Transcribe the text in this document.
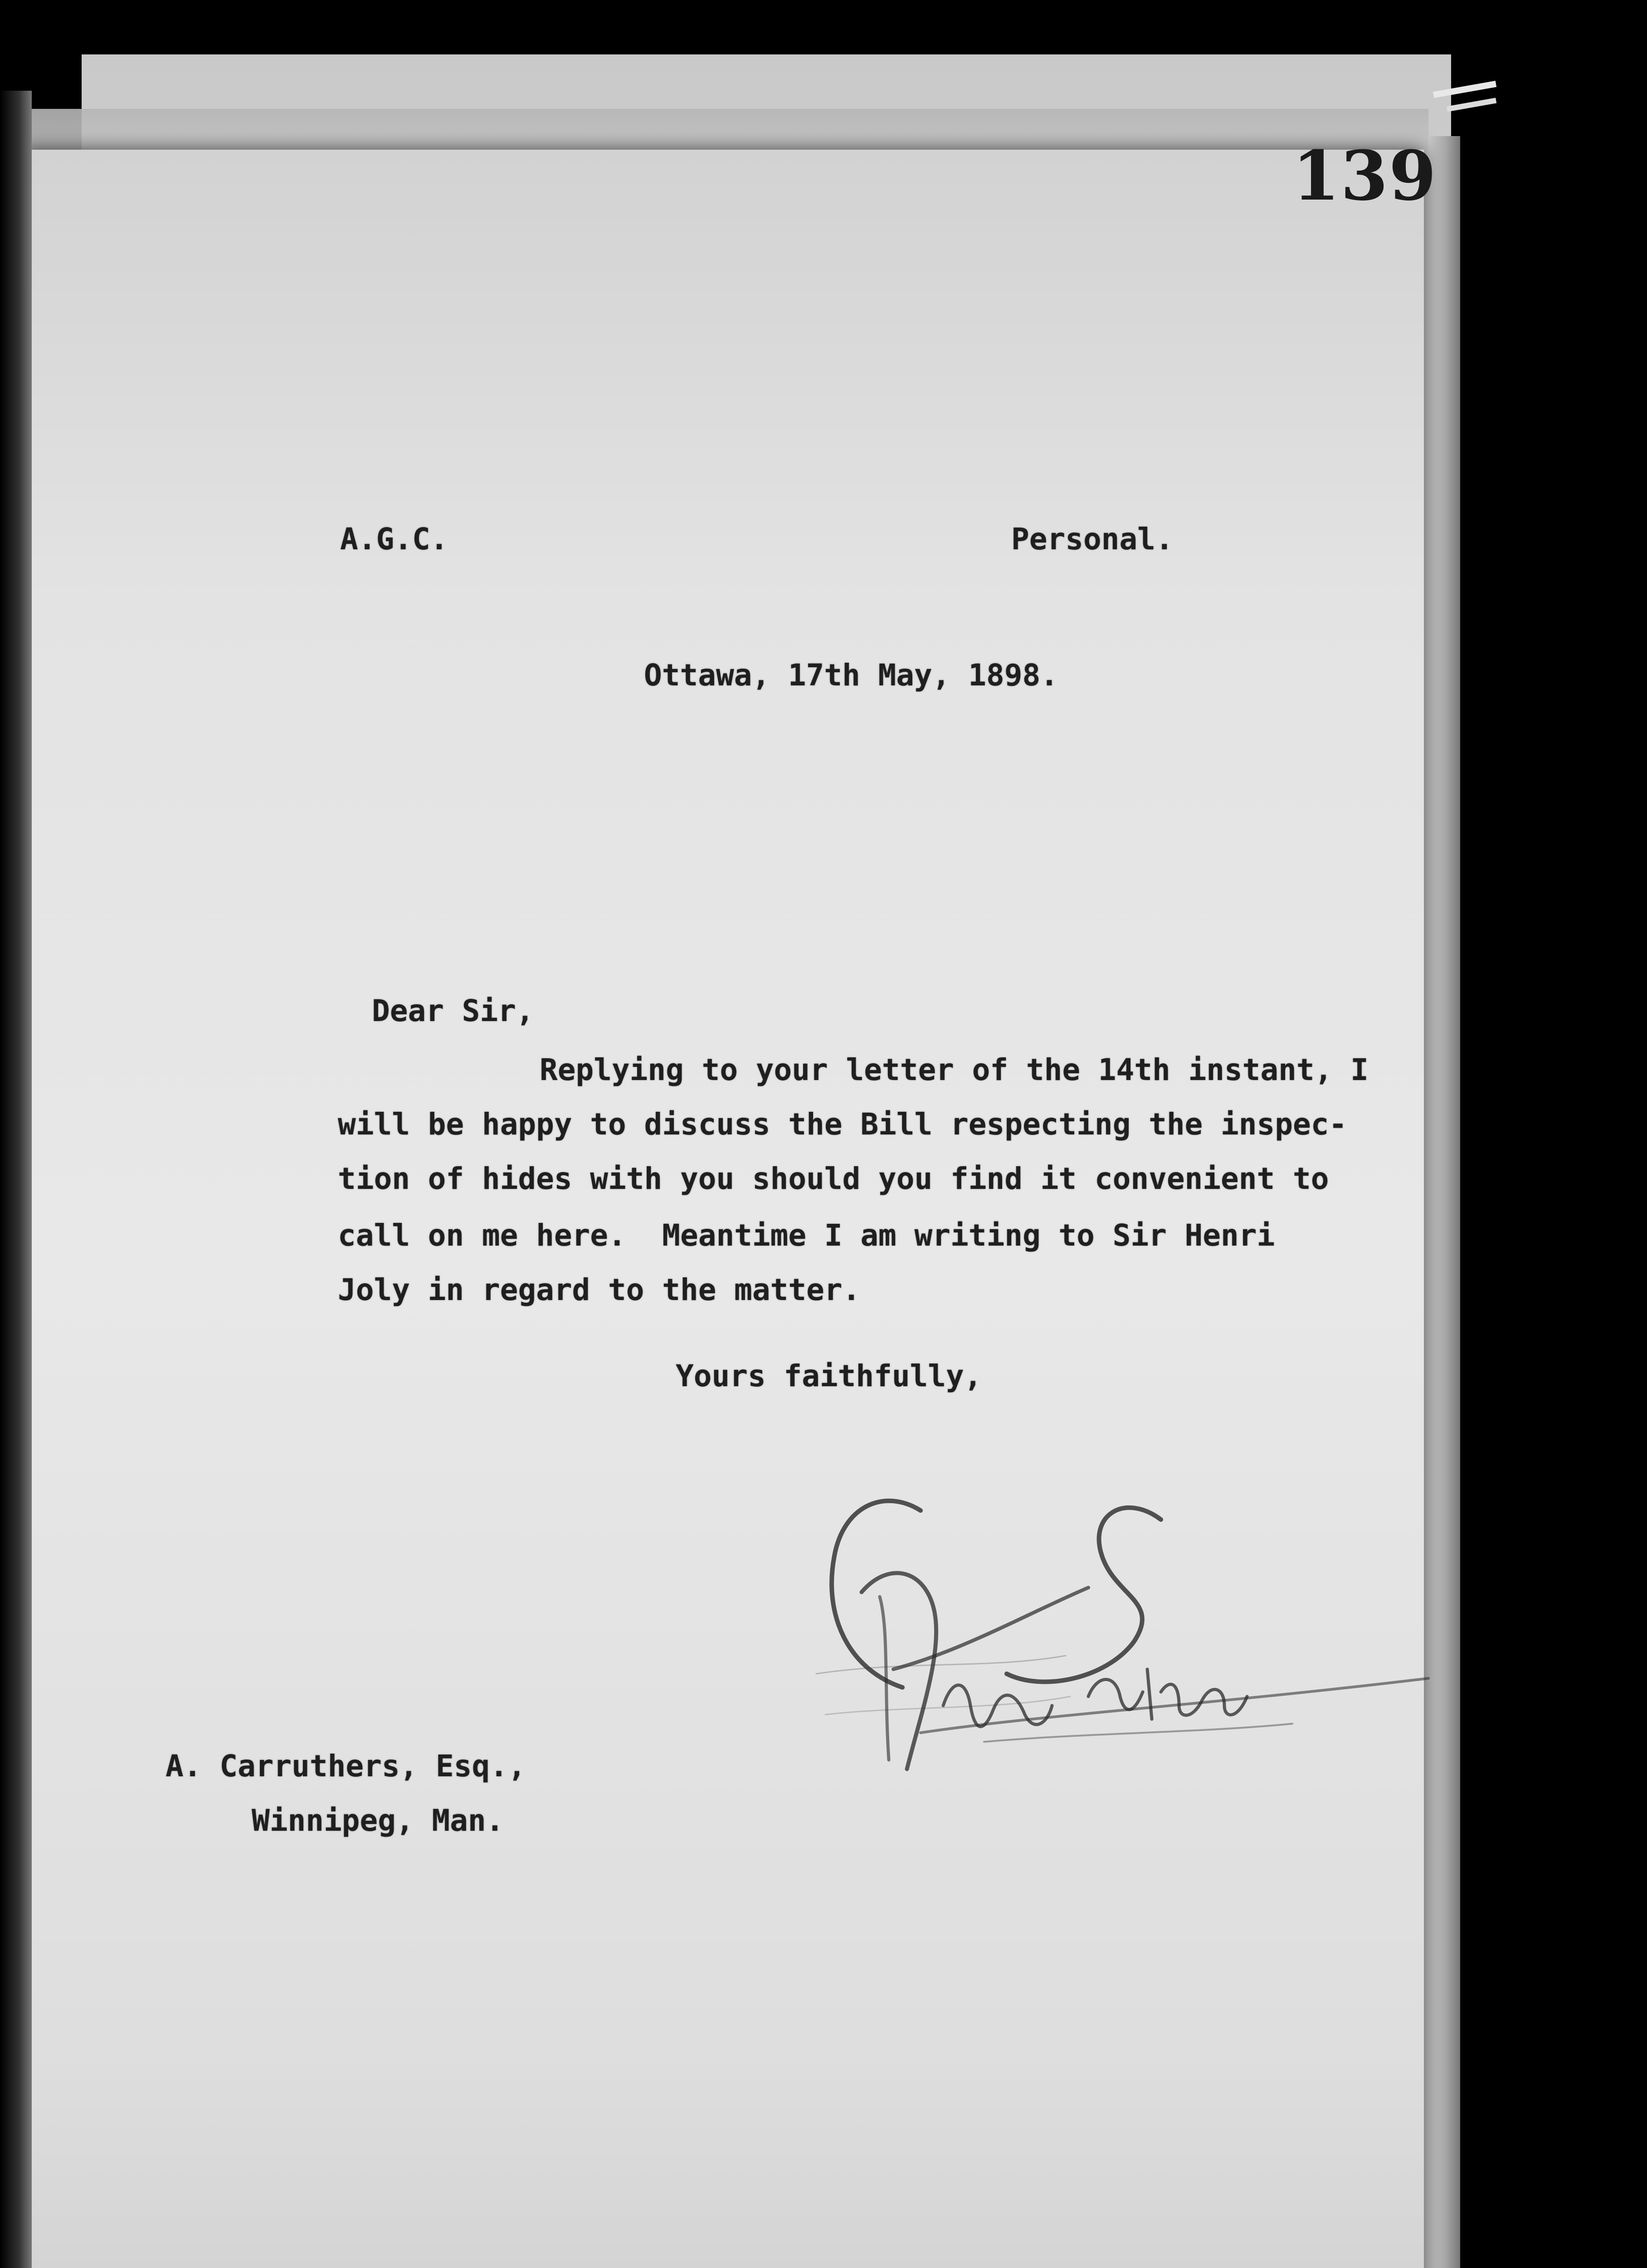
139
A.G.C.	Personal.
Ottawa, 17th May, 1898.
Dear Sir,
Replying to your letter of the 14th instant, I
will be happy to discuss the Bill respecting the inspec-
tion of hides with you should you find it convenient to
call on me here.  Meantime I am writing to Sir Henri
Joly in regard to the matter.
Yours faithfully,
A. Carruthers, Esq.,
Winnipeg, Man.
